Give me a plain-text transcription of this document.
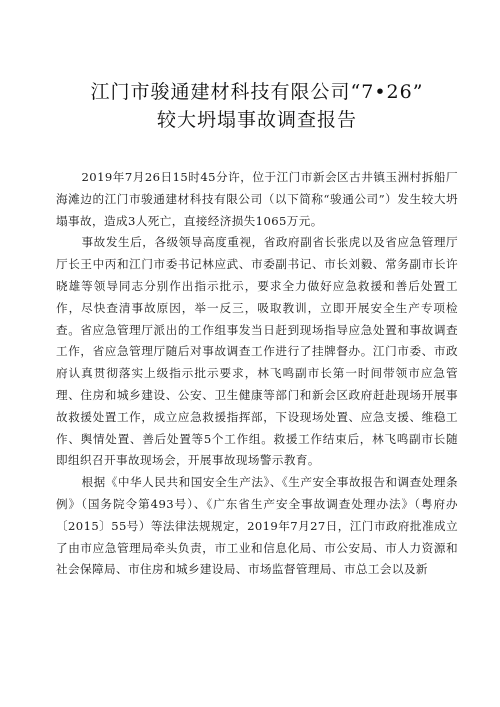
江门市骏通建材科技有限公司“7•26”
较大坍塌事故调查报告

2019年7月26日15时45分许，位于江门市新会区古井镇玉洲村拆船厂海滩边的江门市骏通建材科技有限公司（以下简称“骏通公司”）发生较大坍塌事故，造成3人死亡，直接经济损失1065万元。

事故发生后，各级领导高度重视，省政府副省长张虎以及省应急管理厅厅长王中丙和江门市委书记林应武、市委副书记、市长刘毅、常务副市长许晓雄等领导同志分别作出指示批示，要求全力做好应急救援和善后处置工作，尽快查清事故原因，举一反三，吸取教训，立即开展安全生产专项检查。省应急管理厅派出的工作组事发当日赶到现场指导应急处置和事故调查工作，省应急管理厅随后对事故调查工作进行了挂牌督办。江门市委、市政府认真贯彻落实上级指示批示要求，林飞鸣副市长第一时间带领市应急管理、住房和城乡建设、公安、卫生健康等部门和新会区政府赶赴现场开展事故救援处置工作，成立应急救援指挥部，下设现场处置、应急支援、维稳工作、舆情处置、善后处置等5个工作组。救援工作结束后，林飞鸣副市长随即组织召开事故现场会，开展事故现场警示教育。

根据《中华人民共和国安全生产法》、《生产安全事故报告和调查处理条例》（国务院令第493号）、《广东省生产安全事故调查处理办法》（粤府办〔2015〕55号）等法律法规规定，2019年7月27日，江门市政府批准成立了由市应急管理局牵头负责，市工业和信息化局、市公安局、市人力资源和社会保障局、市住房和城乡建设局、市场监督管理局、市总工会以及新
